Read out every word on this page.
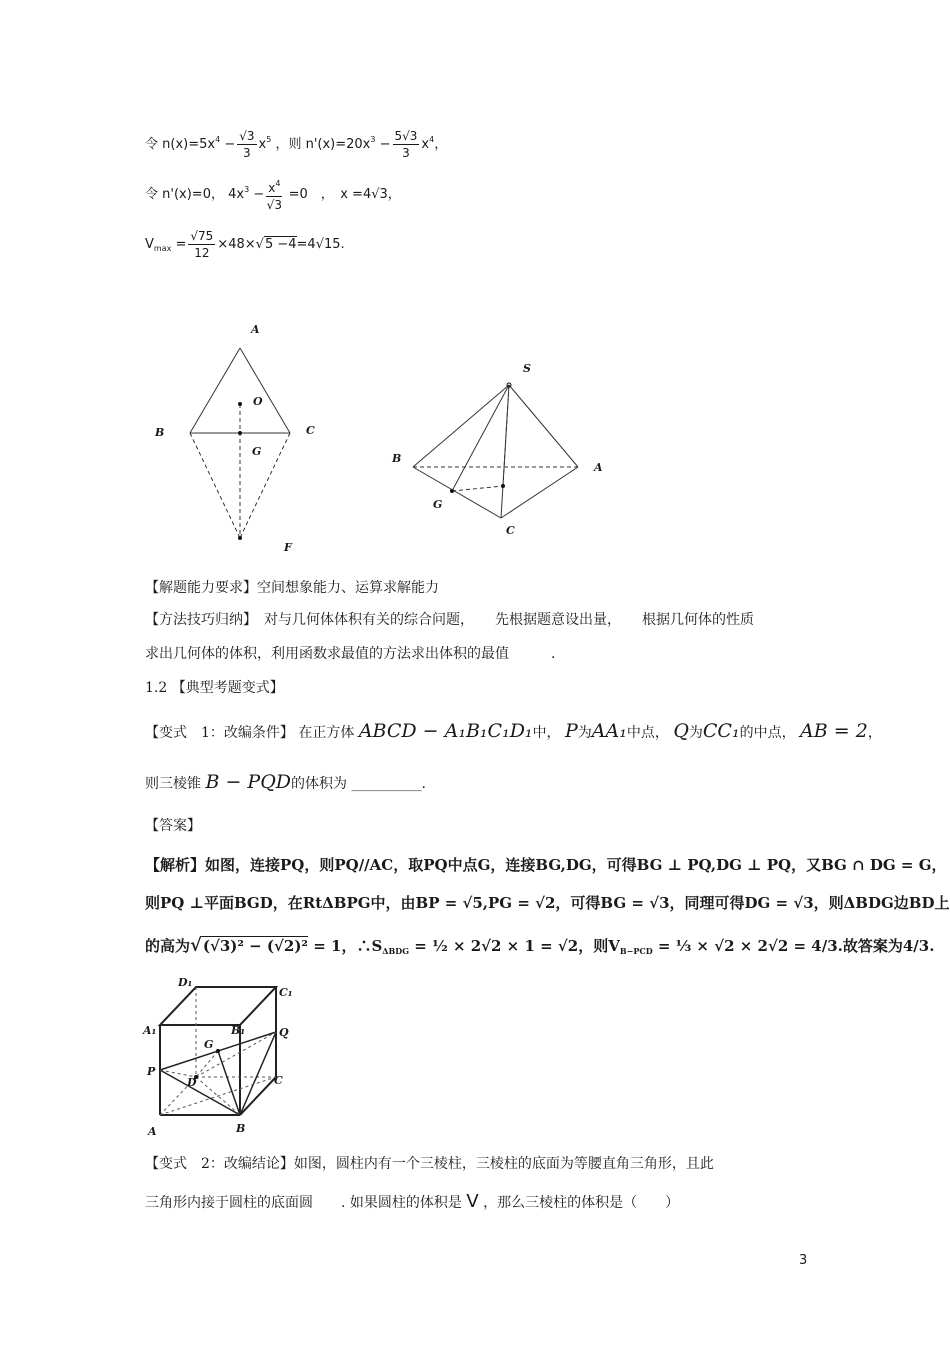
令 $n(x)=5x^4 - \frac{√3}{3} x^5$ ，则 $n'(x)=20x^3 - \frac{5√3}{3} x^4$，
令 n'(x)=0， $4x^3 - \frac{x^4}{√3} =0$　，　x =4√3，
$V_{max} = \frac{√75}{12} \times 48\times√5 -4=4√15$.
A
O
B	C
G
F
S
B
A
G
C
【解题能力要求】空间想象能力、运算求解能力
【方法技巧归纳】　对与几何体体积有关的综合问题，　　先根据题意设出量，　　根据几何体的性质
求出几何体的体积，利用函数求最值的方法求出体积的最值　　　.
1.2 【典型考题变式】
【变式　1：改编条件】 在正方体 ABCD − A₁B₁C₁D₁中， P为AA₁中点， Q为CC₁的中点， AB = 2，
则三棱锥 B − PQD的体积为 __________.
【答案】
【解析】如图，连接PQ，则PQ//AC，取PQ中点G，连接BG,DG，可得BG ⊥ PQ,DG ⊥ PQ，又BG ∩ DG = G，
则PQ ⊥平面BGD，在RtΔBPG中，由BP = √5,PG = √2，可得BG = √3，同理可得DG = √3，则ΔBDG边BD上
的高为√(√3)² − (√2)² = 1，$\therefore S_{\Delta BDG}$ = ½ × 2√2 × 1 = √2，则$V_{B-PCD}$ = ⅓ × √2 × 2√2 = 4/3.故答案为4/3.
D₁
C₁
A₁	B₁	Q
G
P
D	C
A	B
【变式　2：改编结论】如图，圆柱内有一个三棱柱，三棱柱的底面为等腰直角三角形，且此
三角形内接于圆柱的底面圆　　. 如果圆柱的体积是 V ，那么三棱柱的体积是（　　）
3
